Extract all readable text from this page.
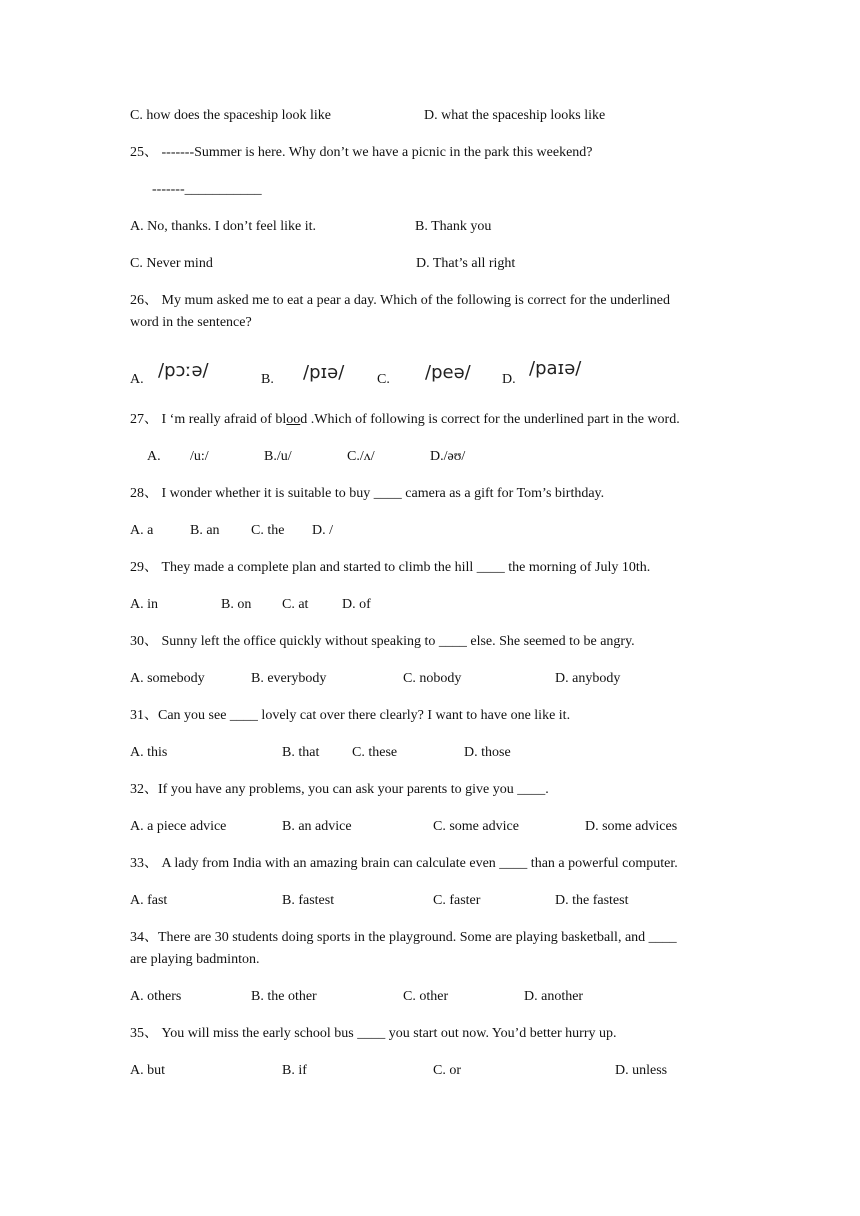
C. how does the spaceship look like	D. what the spaceship looks like
25、 -------Summer is here. Why don’t we have a picnic in the park this weekend?
-------___________
A. No, thanks. I don’t feel like it.	B. Thank you
C. Never mind	D. That’s all right
26、 My mum asked me to eat a pear a day. Which of the following is correct for the underlined
word in the sentence?
A. /pɔːə/	B. /pɪə/ C. /peə/ D.
/paɪə/
27、 I ‘m really afraid of blood .Which of following is correct for the underlined part in the word.
A. /u:/	B./u/	C./ʌ/	D./əʊ/
28、 I wonder whether it is suitable to buy ____ camera as a gift for Tom’s birthday.
A. a	B. an C. the D. /
29、 They made a complete plan and started to climb the hill ____ the morning of July 10th.
A. in	B. on C. at D. of
30、 Sunny left the office quickly without speaking to ____ else. She seemed to be angry.
A. somebody	B. everybody	C. nobody	D. anybody
31、Can you see ____ lovely cat over there clearly? I want to have one like it.
A. this	B. that C. these	D. those
32、If you have any problems, you can ask your parents to give you ____.
A. a piece advice	B. an advice	C. some advice	D. some advices
33、 A lady from India with an amazing brain can calculate even ____ than a powerful computer.
A. fast	B. fastest	C. faster	D. the fastest
34、There are 30 students doing sports in the playground. Some are playing basketball, and ____
are playing badminton.
A. others	B. the other	C. other	D. another
35、 You will miss the early school bus ____ you start out now. You’d better hurry up.
A. but	B. if	C. or	D. unless
